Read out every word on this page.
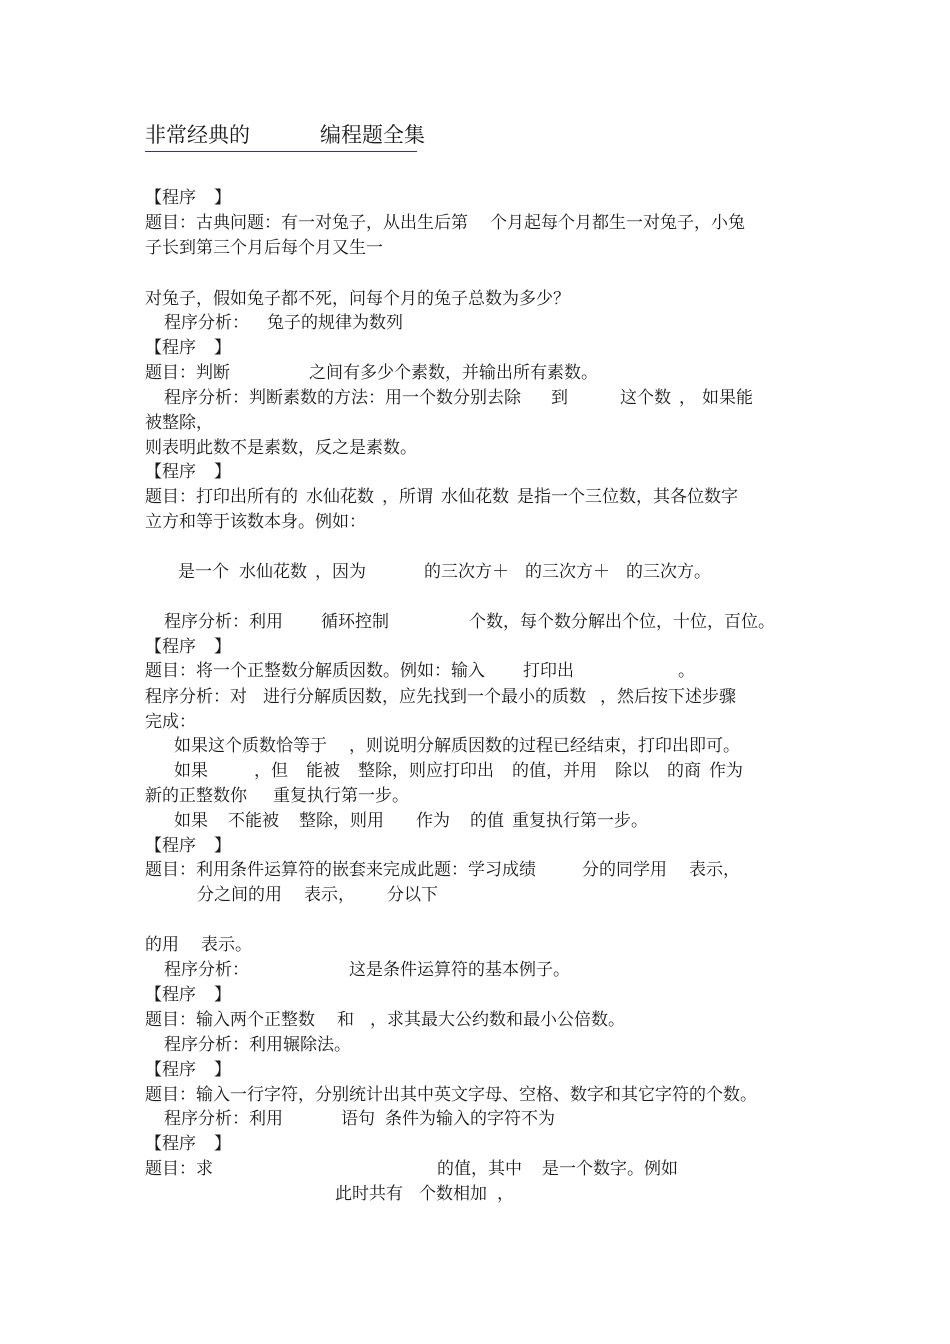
非常经典的	编程题全集
【程序 】
题目：古典问题：有一对兔子，从出生后第 个月起每个月都生一对兔子，小兔
子长到第三个月后每个月又生一
对兔子，假如兔子都不死，问每个月的兔子总数为多少？
程序分析： 兔子的规律为数列
【程序 】
题目：判断	之间有多少个素数，并输出所有素数。
程序分析：判断素数的方法：用一个数分别去除 到	这个数 ， 如果能
被整除，
则表明此数不是素数，反之是素数。
【程序 】
题目：打印出所有的 水仙花数 ，所谓 水仙花数 是指一个三位数，其各位数字
立方和等于该数本身。例如：
是一个 水仙花数 ，因为	的三次方＋ 的三次方＋ 的三次方。
程序分析：利用 循环控制	个数，每个数分解出个位，十位，百位。
【程序 】
题目：将一个正整数分解质因数。例如：输入 打印出	。
程序分析：对 进行分解质因数，应先找到一个最小的质数 ，然后按下述步骤
完成：
如果这个质数恰等于 ，则说明分解质因数的过程已经结束，打印出即可。
如果	，但 能被 整除，则应打印出 的值，并用 除以 的商 作为
新的正整数你 重复执行第一步。
如果 不能被 整除，则用 作为 的值 重复执行第一步。
【程序 】
题目：利用条件运算符的嵌套来完成此题：学习成绩	分的同学用 表示，
分之间的用 表示， 分以下
的用 表示。
程序分析：	这是条件运算符的基本例子。
【程序 】
题目：输入两个正整数 和 ，求其最大公约数和最小公倍数。
程序分析：利用辗除法。
【程序 】
题目：输入一行字符，分别统计出其中英文字母、空格、数字和其它字符的个数。
程序分析：利用	语句 条件为输入的字符不为
【程序 】
题目：求	的值，其中 是一个数字。例如
此时共有 个数相加 ，
